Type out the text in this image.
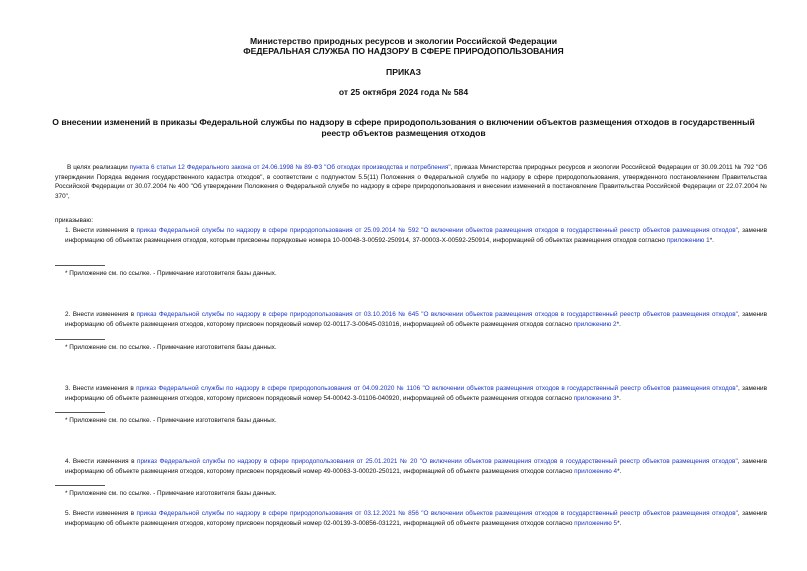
Министерство природных ресурсов и экологии Российской Федерации
ФЕДЕРАЛЬНАЯ СЛУЖБА ПО НАДЗОРУ В СФЕРЕ ПРИРОДОПОЛЬЗОВАНИЯ
ПРИКАЗ
от 25 октября 2024 года № 584
О внесении изменений в приказы Федеральной службы по надзору в сфере природопользования о включении объектов размещения отходов в государственный реестр объектов размещения отходов
В целях реализации пункта 6 статьи 12 Федерального закона от 24.06.1998 № 89-ФЗ "Об отходах производства и потребления", приказа Министерства природных ресурсов и экологии Российской Федерации от 30.09.2011 № 792 "Об утверждении Порядка ведения государственного кадастра отходов", в соответствии с подпунктом 5.5(11) Положения о Федеральной службе по надзору в сфере природопользования, утвержденного постановлением Правительства Российской Федерации от 30.07.2004 № 400 "Об утверждении Положения о Федеральной службе по надзору в сфере природопользования и внесении изменений в постановление Правительства Российской Федерации от 22.07.2004 № 370",
приказываю:
1. Внести изменения в приказ Федеральной службы по надзору в сфере природопользования от 25.09.2014 № 592 "О включении объектов размещения отходов в государственный реестр объектов размещения отходов", заменив информацию об объектах размещения отходов, которым присвоены порядковые номера 10-00048-З-00592-250914, 37-00003-Х-00592-250914, информацией об объектах размещения отходов согласно приложению 1*.
* Приложение см. по ссылке. - Примечание изготовителя базы данных.
2. Внести изменения в приказ Федеральной службы по надзору в сфере природопользования от 03.10.2016 № 645 "О включении объектов размещения отходов в государственный реестр объектов размещения отходов", заменив информацию об объекте размещения отходов, которому присвоен порядковый номер 02-00117-З-00645-031016, информацией об объекте размещения отходов согласно приложению 2*.
* Приложение см. по ссылке. - Примечание изготовителя базы данных.
3. Внести изменения в приказ Федеральной службы по надзору в сфере природопользования от 04.09.2020 № 1106 "О включении объектов размещения отходов в государственный реестр объектов размещения отходов", заменив информацию об объекте размещения отходов, которому присвоен порядковый номер 54-00042-З-01106-040920, информацией об объекте размещения отходов согласно приложению 3*.
* Приложение см. по ссылке. - Примечание изготовителя базы данных.
4. Внести изменения в приказ Федеральной службы по надзору в сфере природопользования от 25.01.2021 № 20 "О включении объектов размещения отходов в государственный реестр объектов размещения отходов", заменив информацию об объекте размещения отходов, которому присвоен порядковый номер 49-00063-З-00020-250121, информацией об объекте размещения отходов согласно приложению 4*.
* Приложение см. по ссылке. - Примечание изготовителя базы данных.
5. Внести изменения в приказ Федеральной службы по надзору в сфере природопользования от 03.12.2021 № 856 "О включении объектов размещения отходов в государственный реестр объектов размещения отходов", заменив информацию об объекте размещения отходов, которому присвоен порядковый номер 02-00139-З-00856-031221, информацией об объекте размещения отходов согласно приложению 5*.
